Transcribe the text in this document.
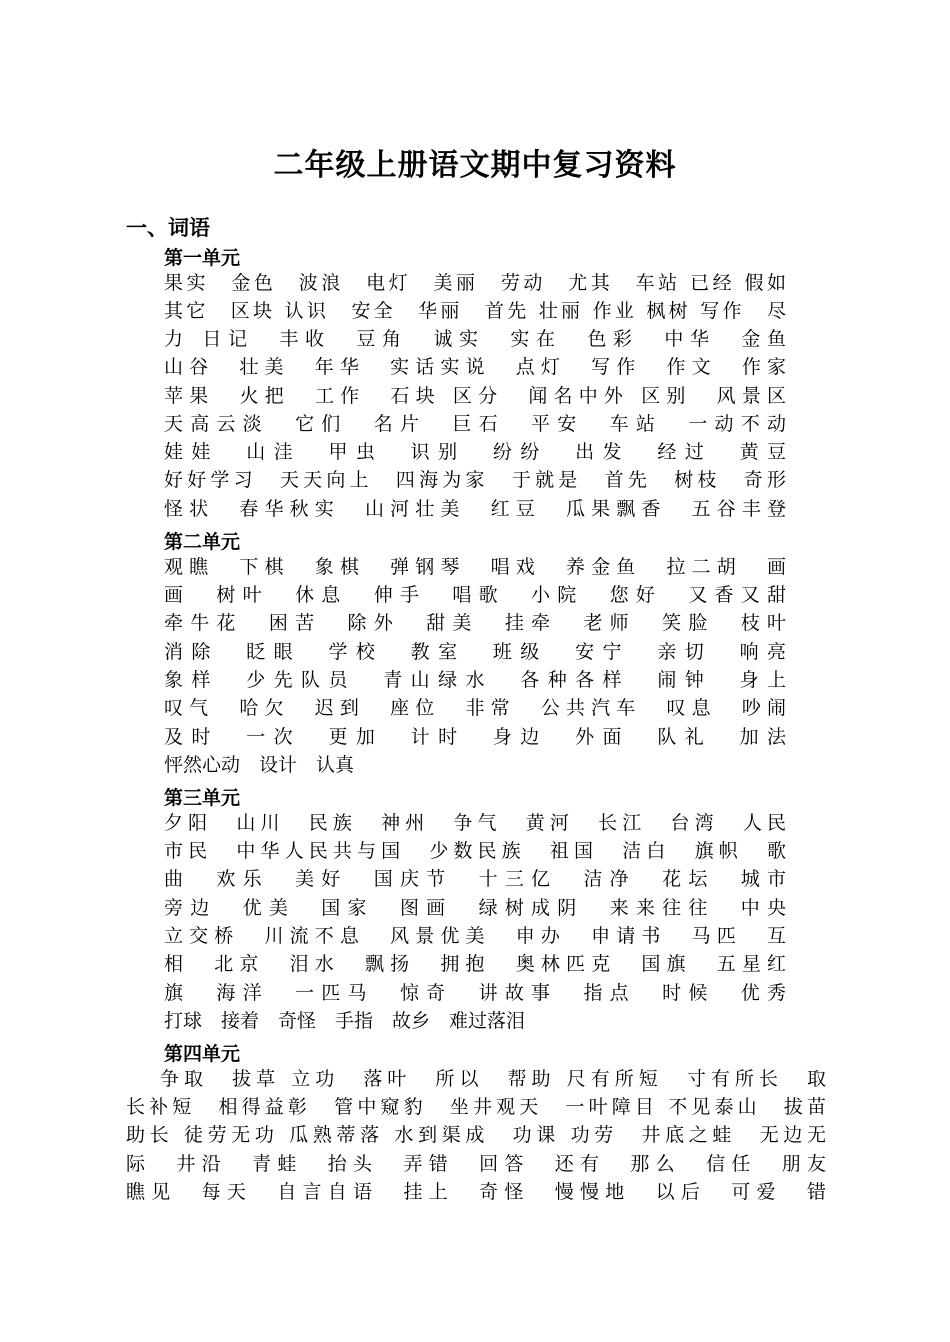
二年级上册语文期中复习资料
一、词语
第一单元
果实　金色　波浪　电灯　美丽　劳动　尤其　车站 已经 假如
其它　区块 认识　安全　华丽　首先 壮丽 作业 枫树 写作　尽
力 日记　丰收　豆角　诚实　实在　色彩　中华　金鱼
山谷　壮美　年华　实话实说　点灯　写作　作文　作家
苹果　火把　工作　石块 区分　闻名中外 区别　风景区
天高云淡　它们　名片　巨石　平安　车站　一动不动
娃娃　山洼　甲虫　识别　纷纷　出发　经过　黄豆
好好学习　天天向上　四海为家　于就是　首先　树枝　奇形
怪状　春华秋实　山河壮美　红豆　瓜果飘香　五谷丰登
第二单元
观瞧　下棋　象棋　弹钢琴　唱戏　养金鱼　拉二胡　画
画　树叶　休息　伸手　唱歌　小院　您好　又香又甜
牵牛花　困苦　除外　甜美　挂牵　老师　笑脸　枝叶
消除　眨眼　学校　教室　班级　安宁　亲切　响亮
象样　少先队员　青山绿水　各种各样　闹钟　身上
叹气　哈欠　迟到　座位　非常　公共汽车　叹息　吵闹
及时　一次　更加　计时　身边　外面　队礼　加法
怦然心动　设计　认真
第三单元
夕阳　山川　民族　神州　争气　黄河　长江　台湾　人民
市民　中华人民共与国　少数民族　祖国　洁白　旗帜　歌
曲　欢乐　美好　国庆节　十三亿　洁净　花坛　城市
旁边　优美　国家　图画　绿树成阴　来来往往　中央
立交桥　川流不息　风景优美　申办　申请书　马匹　互
相　北京　泪水　飘扬　拥抱　奥林匹克　国旗　五星红
旗　海洋　一匹马　惊奇　讲故事　指点　时候　优秀
打球　接着　奇怪　手指　故乡　难过落泪
第四单元
争取　拔草 立功　落叶　所以　帮助 尺有所短　寸有所长　取
长补短　相得益彰　管中窥豹　坐井观天　一叶障目 不见泰山　拔苗
助长 徒劳无功 瓜熟蒂落 水到渠成　功课 功劳　井底之蛙　无边无
际　井沿　青蛙　抬头　弄错　回答　还有　那么　信任　朋友
瞧见　每天　自言自语　挂上　奇怪　慢慢地　以后　可爱　错
